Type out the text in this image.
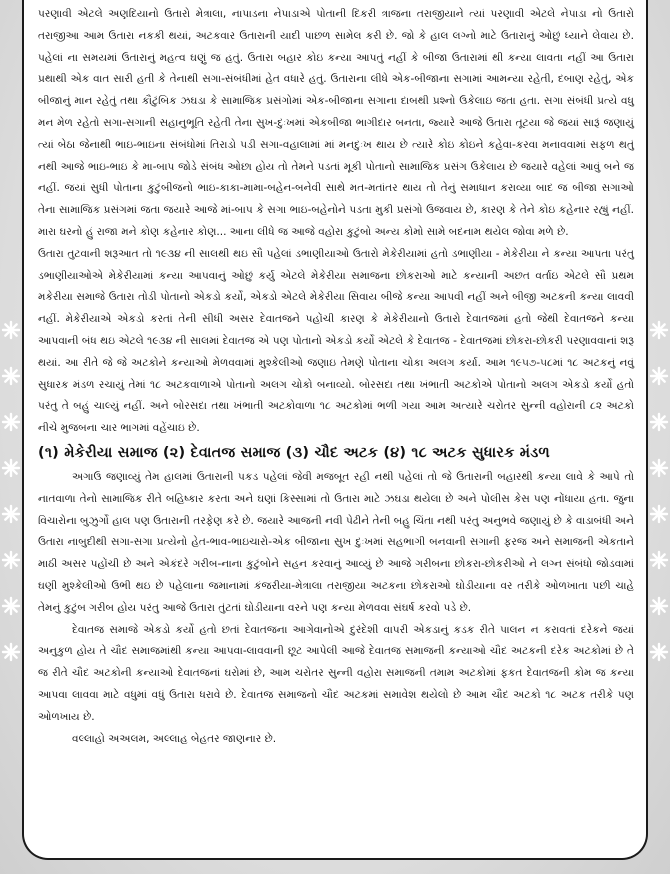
પરણાવી એટલે અણદિયાનો ઉતારો મેત્રાલા, નાપાડના નેપાડાએ પોતાની દિકરી ત્રાજના તરાજીયાને ત્યાં પરણાવી એટલે નેપાડા નો ઉતારો તરાજીઆ આમ ઉતારા નકકી થયાં, અટકવાર ઉતારાની યાદી પાછળ સામેલ કરી છે. જો કે હાલ લગ્નો માટે ઉતારાનું ઓછું ધ્યાને લેવાય છે. પહેલાં ના સમયમાં ઉતારાનું મહત્વ ઘણું જ હતું. ઉતારા બહાર કોઇ કન્યા આપતું નહીં કે બીજા ઉતારામાં થી કન્યા લાવતા નહીં આ ઉતારા પ્રથાથી એક વાત સારી હતી કે તેનાથી સગા-સંબંધીમાં હેત વધારે હતું. ઉતારાના લીધે એક-બીજાના સગામાં આમન્યા રહેતી, દબાણ રહેતું, એક બીજાનું માન રહેતું તથા કૌટુંબિક ઝઘડા કે સામાજિક પ્રસંગોમાં એક-બીજાના સગાના દાબથી પ્રશ્નો ઉકેલાઇ જતા હતા. સગા સંબંધી પ્રત્યે વધુ મન મેળ રહેતો સગા-સગાની સહાનુભૂતિ રહેતી તેના સુખ-દુઃખમાં એકબીજા ભાગીદાર બનતા, જ્યારે આજે ઉતારા તૂટયા જે જયાં સારૂં જણાયું ત્યાં બેઠા જેનાથી ભાઇ-ભાઇના સંબંધોમાં તિરાડો પડી સગા-વહાલામાં માં મનદુઃખ થાય છે ત્યારે કોઇ કોઇને કહેવા-કરવા મનાવવામાં સફળ થતું નથી આજે ભાઇ-ભાઇ કે મા-બાપ જોડે સંબંધ ઓછા હોય તો તેમને પડતાં મૂકી પોતાનો સામાજિક પ્રસંગ ઉકેલાય છે જયારે વહેલાં આવું બને જ નહીં. જયાં સુધી પોતાના કુટુંબીજનો ભાઇ-કાકા-મામા-બહેન-બનેવી સાથે મત-મતાંતર થાય તો તેનું સમાધાન કરાવ્યા બાદ જ બીજા સગાઓ તેના સામાજિક પ્રસંગમાં જતા જયારે આજે માં-બાપ કે સગા ભાઇ-બહેનોને પડતા મુકી પ્રસંગો ઉજવાય છે, કારણ કે તેને કોઇ કહેનાર રહ્યું નહીં. મારા ઘરનો હું રાજા મને કોણ કહેનાર કોણ... આના લીધે જ આજે વહોરા કુટુંબો અન્ય કોમો સામે બદનામ થયેલ જોવા મળે છે.

ઉતારા તુટવાની શરૂઆત તો ૧૯૩૪ ની સાલથી થઇ સૌ પહેલાં ડભાણીયાઓ ઉતારો મેકેરીયામાં હતો ડભાણીયા - મેકેરીયા ને કન્યા આપતા પરંતુ ડભાણીયાઓએ મેકેરીયામાં કન્યા આપવાનું ઓછું કર્યુ એટલે મેકેરીયા સમાજના છોકરાઓ માટે કન્યાની અછત વર્તાઇ એટલે સૌ પ્રથમ મકેરીયા સમાજે ઉતારા તોડી પોતાનો એકડો કર્યો, એકડો એટલે મેકેરીયા સિવાય બીજે કન્યા આપવી નહીં અને બીજી અટકની કન્યા લાવવી નહીં. મેકેરીયાએ એકડો કરતાં તેની સીધી અસર દેવાતજને પહોંચી કારણ કે મેકેરીયાનો ઉતારો દેવાતજમાં હતો જેથી દેવાતજને કન્યા આપવાની બંધ થઇ એટલે ૧૯૩૪ ની સાલમાં દેવાતજ એ પણ પોતાનો એકડો કર્યો એટલે કે દેવાતજ - દેવાતજમાં છોકરા-છોકરી પરણાવવાનાં શરૂ થયાં. આ રીતે જે જે અટકોને કન્યાઓ મેળવવામાં મુશ્કેલીઓ જણાઇ તેમણે પોતાના ચોકા અલગ કર્યા. આમ ૧૯૫૭-૫૮માં ૧૮ અટકનું નવું સુધારક મંડળ રચાયું તેમાં ૧૮ અટકવાળાએ પોતાનો અલગ ચોકો બનાવ્યો. બોરસદા તથા ખંભાતી અટકોએ પોતાનો અલગ એકડો કર્યો હતો પરંતુ તે બહું ચાલ્યું નહીં. અને બોરસદા તથા ખંભાતી અટકોવાળા ૧૮ અટકોમાં ભળી ગયા આમ અત્યારે ચરોતર સુન્ની વહોરાની ૮૨ અટકો નીચે મુજબના ચાર ભાગમાં વહેંચાઇ છે.

(૧) મેકેરીયા સમાજ (૨) દેવાતજ સમાજ (૩) ચૌદ અટક (૪) ૧૮ અટક સુધારક મંડળ

અગાઉ જણાવ્યું તેમ હાલમાં ઉતારાની પકડ પહેલાં જેવી મજબૂત રહી નથી પહેલાં તો જે ઉતારાની બહારથી કન્યા લાવે કે આપે તો નાતવાળા તેનો સામાજિક રીતે બહિષ્કાર કરતા અને ઘણાં કિસ્સામાં તો ઉતારા માટે ઝઘડા થયેલા છે અને પોલીસ કેસ પણ નોંધાયા હતા. જુના વિચારોના બુઝુર્ગો હાલ પણ ઉતારાની તરફેણ કરે છે. જયારે આજની નવી પેઢીને તેની બહુ ચિંતા નથી પરંતુ અનુભવે જણાયું છે કે વાડાબંધી અને ઉતારા નાબુદીથી સગા-સગા પ્રત્યેનો હેત-ભાવ-ભાઇચારો-એક બીજાના સુખ દુઃખમાં સહભાગી બનવાની સગાની ફરજ અને સમાજની એકતાને માઠી અસર પહોંચી છે અને એકંદરે ગરીબ-નાના કુટુંબોને સહન કરવાનું આવ્યું છે આજે ગરીબના છોકરા-છોકરીઓ ને લગ્ન સંબંધો જોડવામાં ઘણી મુશ્કેલીઓ ઉભી થઇ છે પહેલાના જમાનામાં કંજરીયા-મેત્રાલા તરાજીયા અટકના છોકરાઓ ઘોડીયાના વર તરીકે ઓળખાતા પછી ચાહે તેમનું કુટુંબ ગરીબ હોય પરંતુ આજે ઉતારા તુંટતાં ઘોડીયાના વરને પણ કન્યા મેળવવા સંઘર્ષ કરવો પડે છે.

દેવાતજ સમાજે એકડો કર્યો હતો છતાં દેવાતજના આગેવાનોએ દુરંદેશી વાપરી એકડાનું કડક રીતે પાલન ન કરાવતાં દરેકને જયાં અનુકુળ હોય તે ચૌદ સમાજમાંથી કન્યા આપવા-લાવવાની છૂટ આપેલી આજે દેવાતજ સમાજની કન્યાઓ ચૌદ અટકની દરેક અટકોમાં છે તે જ રીતે ચૌદ અટકોની કન્યાઓ દેવાતજનાં ઘરોમાં છે, આમ ચરોતર સુન્ની વહોરા સમાજની તમામ અટકોમાં ફકત દેવાતજની કોમ જ કન્યા આપવા લાવવા માટે વધુમાં વધું ઉતારા ધરાવે છે. દેવાતજ સમાજનો ચૌદ અટકમાં સમાવેશ થયેલો છે આમ ચૌદ અટકો ૧૮ અટક તરીકે પણ ઓળખાય છે.

વલ્લાહો અઅલમ, અલ્લાહ બેહતર જાણનાર છે.
